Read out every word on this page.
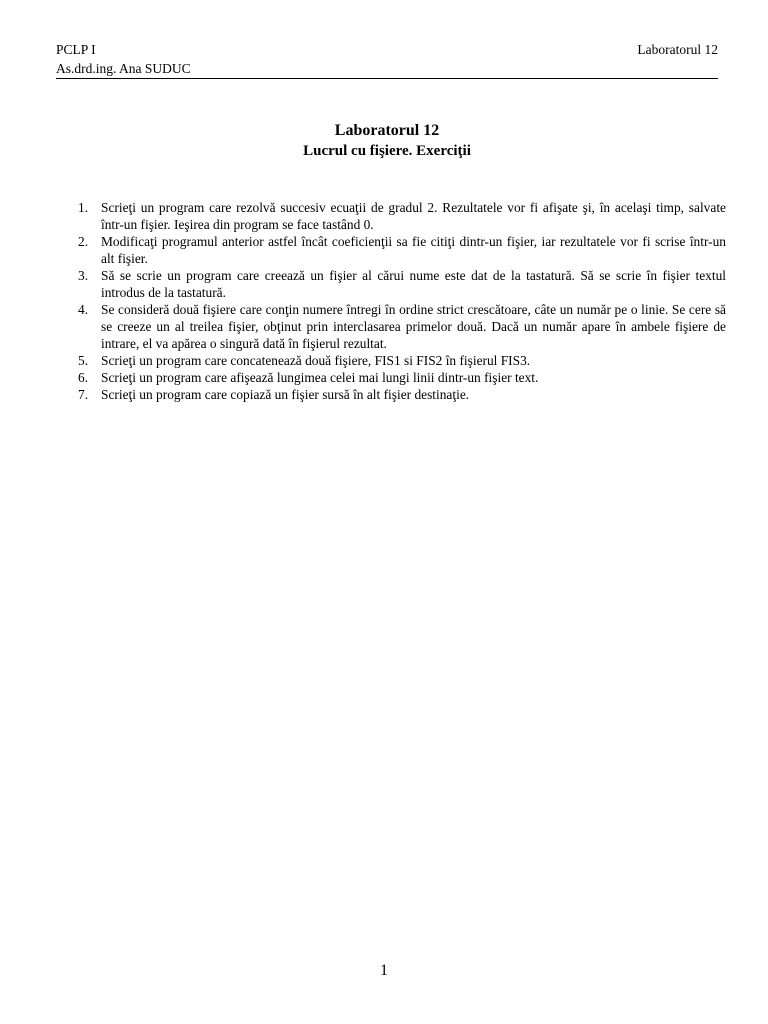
PCLP I
As.drd.ing. Ana SUDUC
Laboratorul 12
Laboratorul 12
Lucrul cu fişiere. Exerciţii
1. Scrieţi un program care rezolvă succesiv ecuaţii de gradul 2. Rezultatele vor fi afişate şi, în acelaşi timp, salvate într-un fişier. Ieşirea din program se face tastând 0.
2. Modificaţi programul anterior astfel încât coeficienţii sa fie citiţi dintr-un fişier, iar rezultatele vor fi scrise într-un alt fişier.
3. Să se scrie un program care creează un fişier al cărui nume este dat de la tastatură. Să se scrie în fişier textul introdus de la tastatură.
4. Se consideră două fişiere care conţin numere întregi în ordine strict crescătoare, câte un număr pe o linie. Se cere să se creeze un al treilea fişier, obţinut prin interclasarea primelor două. Dacă un număr apare în ambele fişiere de intrare, el va apărea o singură dată în fişierul rezultat.
5. Scrieţi un program care concatenează două fişiere, FIS1 si FIS2 în fişierul FIS3.
6. Scrieţi un program care afişează lungimea celei mai lungi linii dintr-un fişier text.
7. Scrieţi un program care copiază un fişier sursă în alt fişier destinaţie.
1
